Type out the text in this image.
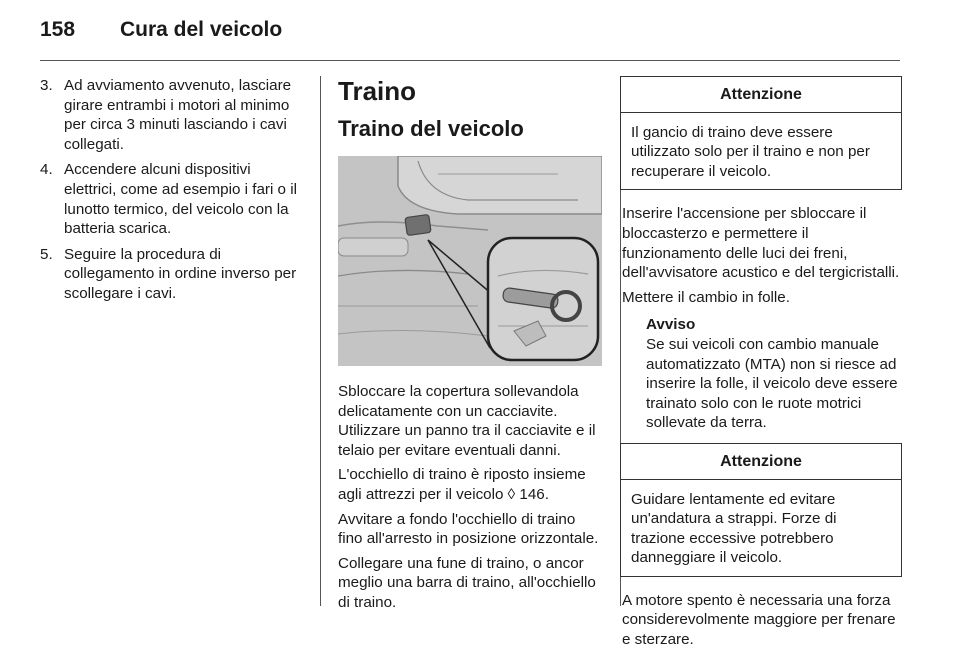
158	Cura del veicolo
3. Ad avviamento avvenuto, lasciare girare entrambi i motori al minimo per circa 3 minuti lasciando i cavi collegati.
4. Accendere alcuni dispositivi elettrici, come ad esempio i fari o il lunotto termico, del veicolo con la batteria scarica.
5. Seguire la procedura di collegamento in ordine inverso per scollegare i cavi.
Traino
Traino del veicolo

Sbloccare la copertura sollevandola delicatamente con un cacciavite. Utilizzare un panno tra il cacciavite e il telaio per evitare eventuali danni.

L'occhiello di traino è riposto insieme agli attrezzi per il veicolo ◊ 146.

Avvitare a fondo l'occhiello di traino fino all'arresto in posizione orizzontale.

Collegare una fune di traino, o ancor meglio una barra di traino, all'occhiello di traino.

Attenzione
Il gancio di traino deve essere utilizzato solo per il traino e non per recuperare il veicolo.

Inserire l'accensione per sbloccare il bloccasterzo e permettere il funzionamento delle luci dei freni, dell'avvisatore acustico e del tergicristalli.

Mettere il cambio in folle.

Avviso
Se sui veicoli con cambio manuale automatizzato (MTA) non si riesce ad inserire la folle, il veicolo deve essere trainato solo con le ruote motrici sollevate da terra.
Attenzione
Guidare lentamente ed evitare un'andatura a strappi. Forze di trazione eccessive potrebbero danneggiare il veicolo.

A motore spento è necessaria una forza considerevolmente maggiore per frenare e sterzare.
